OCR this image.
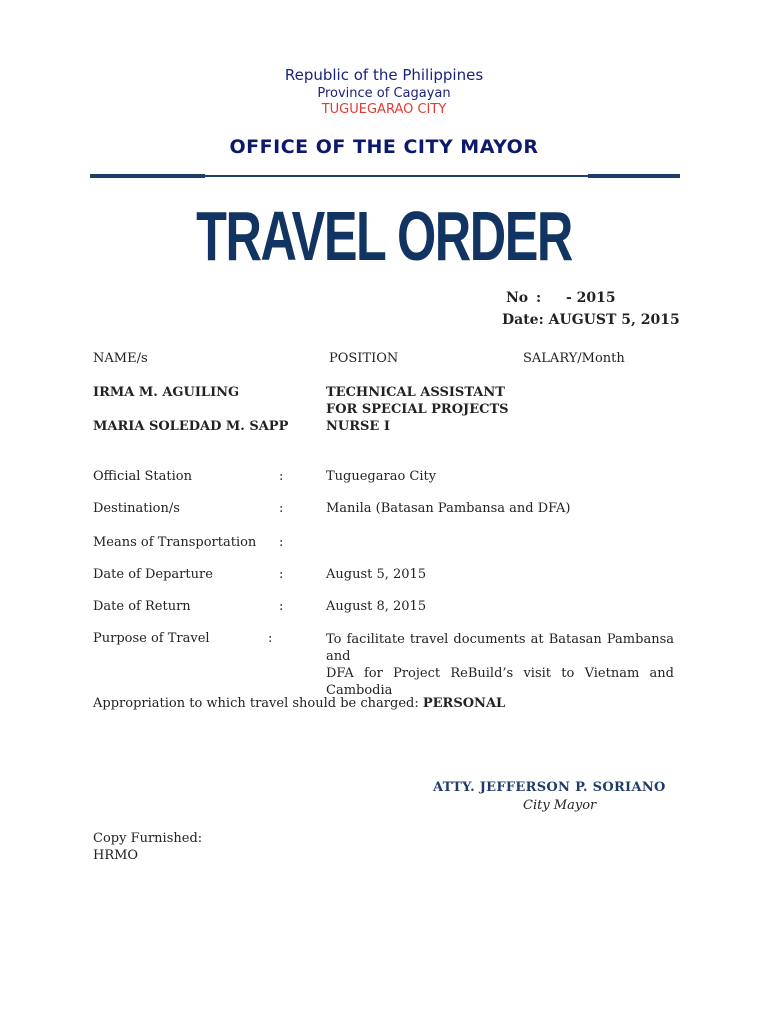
Republic of the Philippines
Province of Cagayan
TUGUEGARAO CITY
OFFICE OF THE CITY MAYOR
TRAVEL ORDER
No : - 2015
Date: AUGUST 5, 2015
NAME/s	POSITION	SALARY/Month
IRMA M. AGUILING	TECHNICAL ASSISTANT
FOR SPECIAL PROJECTS
MARIA SOLEDAD M. SAPP	NURSE I
Official Station	:	Tuguegarao City
Destination/s	:	Manila (Batasan Pambansa and DFA)
Means of Transportation :
Date of Departure	:	August 5, 2015
Date of Return	:	August 8, 2015
Purpose of Travel	:	To facilitate travel documents at Batasan Pambansa and
DFA for Project ReBuild’s visit to Vietnam and
Cambodia
Appropriation to which travel should be charged: PERSONAL
ATTY. JEFFERSON P. SORIANO
City Mayor
Copy Furnished:
HRMO
